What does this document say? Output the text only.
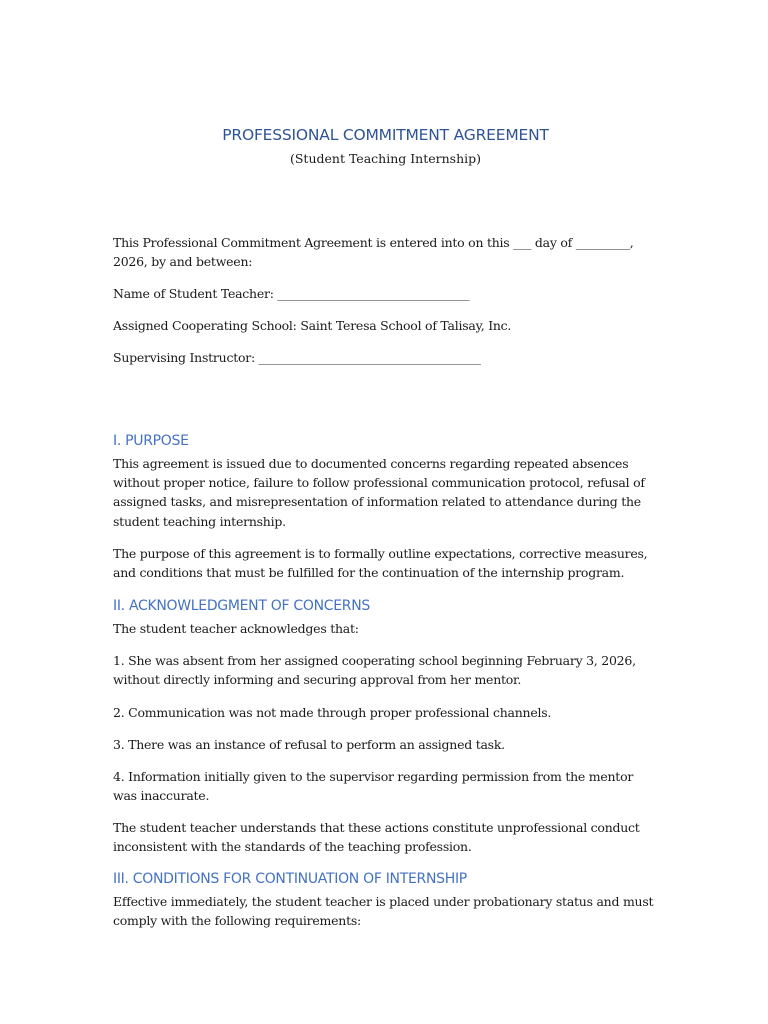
PROFESSIONAL COMMITMENT AGREEMENT
(Student Teaching Internship)

This Professional Commitment Agreement is entered into on this ___ day of _________, 2026, by and between:

Name of Student Teacher: ________________________________

Assigned Cooperating School: Saint Teresa School of Talisay, Inc.

Supervising Instructor: _____________________________________

I. PURPOSE

This agreement is issued due to documented concerns regarding repeated absences without proper notice, failure to follow professional communication protocol, refusal of assigned tasks, and misrepresentation of information related to attendance during the student teaching internship.

The purpose of this agreement is to formally outline expectations, corrective measures, and conditions that must be fulfilled for the continuation of the internship program.

II. ACKNOWLEDGMENT OF CONCERNS

The student teacher acknowledges that:

1. She was absent from her assigned cooperating school beginning February 3, 2026, without directly informing and securing approval from her mentor.

2. Communication was not made through proper professional channels.

3. There was an instance of refusal to perform an assigned task.

4. Information initially given to the supervisor regarding permission from the mentor was inaccurate.

The student teacher understands that these actions constitute unprofessional conduct inconsistent with the standards of the teaching profession.

III. CONDITIONS FOR CONTINUATION OF INTERNSHIP

Effective immediately, the student teacher is placed under probationary status and must comply with the following requirements:
